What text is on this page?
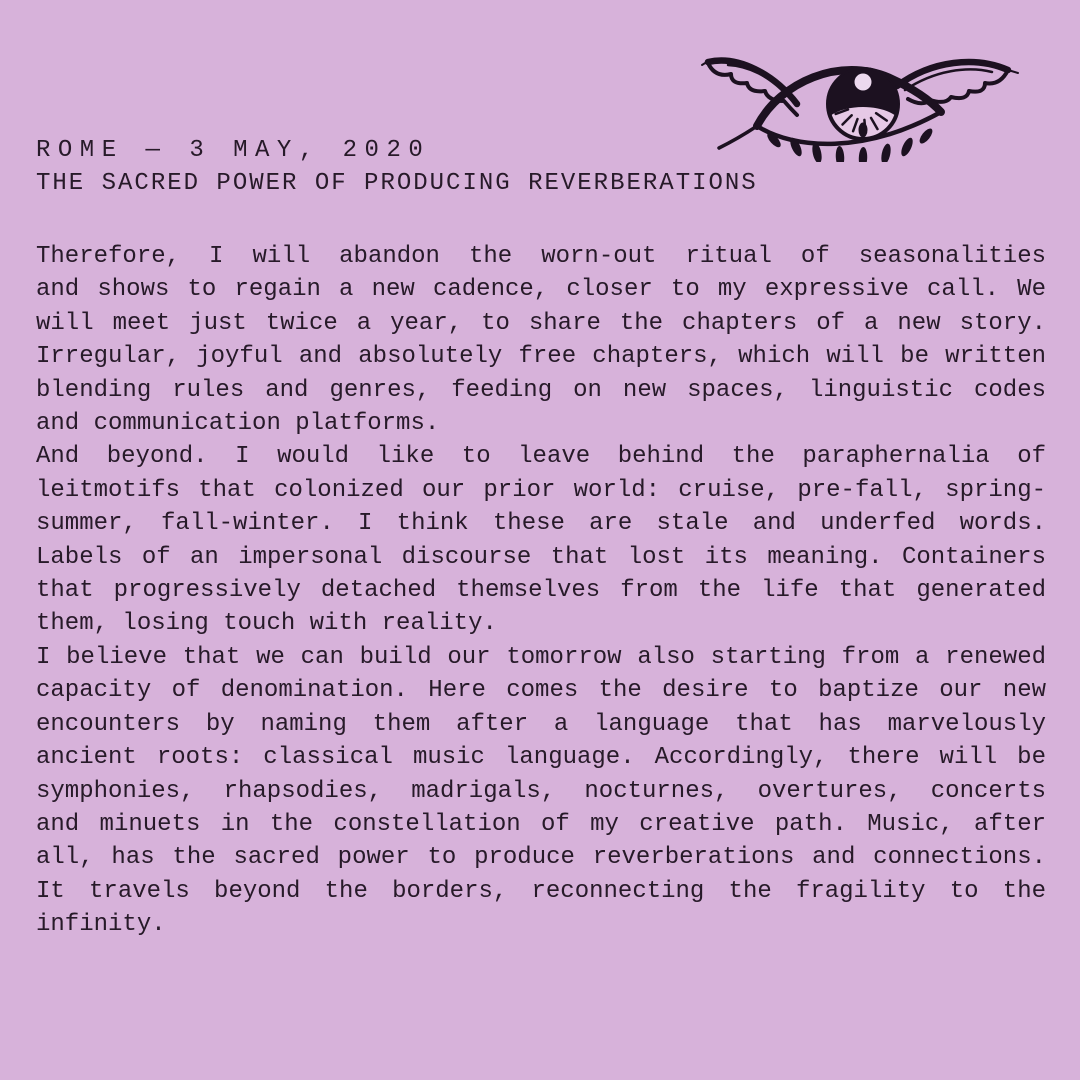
ROME — 3 MAY, 2020
THE SACRED POWER OF PRODUCING REVERBERATIONS
Therefore, I will abandon the worn-out ritual of seasonalities
and shows to regain a new cadence, closer to my expressive call. We
will meet just twice a year, to share the chapters of a new story.
Irregular, joyful and absolutely free chapters, which will be written
blending rules and genres, feeding on new spaces, linguistic codes
and communication platforms.
And beyond. I would like to leave behind the paraphernalia of
leitmotifs that colonized our prior world: cruise, pre-fall, spring-
summer, fall-winter. I think these are stale and underfed words.
Labels of an impersonal discourse that lost its meaning. Containers
that progressively detached themselves from the life that generated
them, losing touch with reality.
I believe that we can build our tomorrow also starting from a renewed
capacity of denomination. Here comes the desire to baptize our new
encounters by naming them after a language that has marvelously
ancient roots: classical music language. Accordingly, there will be
symphonies, rhapsodies, madrigals, nocturnes, overtures, concerts
and minuets in the constellation of my creative path. Music, after
all, has the sacred power to produce reverberations and connections.
It travels beyond the borders, reconnecting the fragility to the
infinity.
